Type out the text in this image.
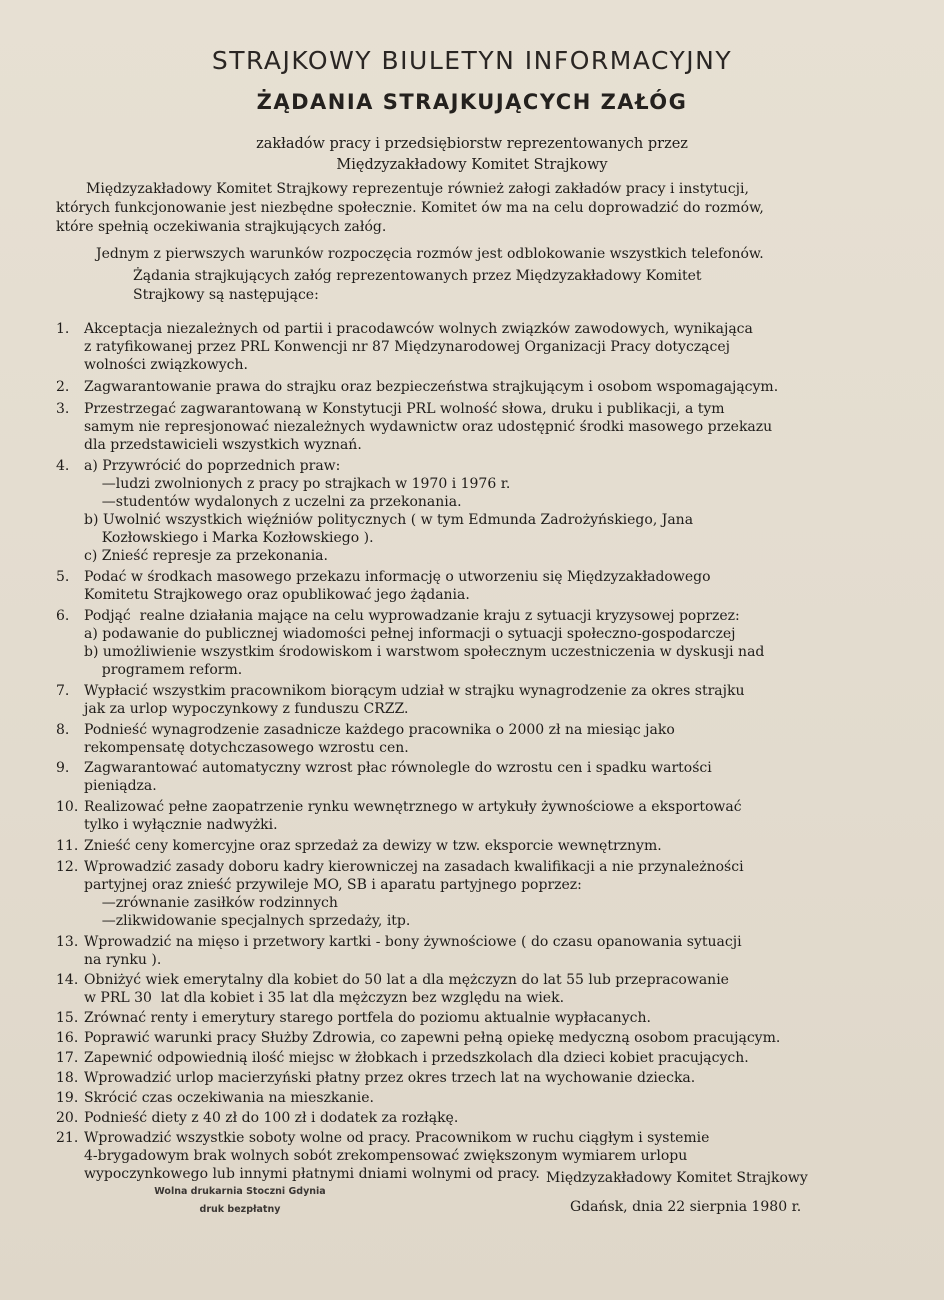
STRAJKOWY BIULETYN INFORMACYJNY
ŻĄDANIA STRAJKUJĄCYCH ZAŁÓG
zakładów pracy i przedsiębiorstw reprezentowanych przez
Międzyzakładowy Komitet Strajkowy
Międzyzakładowy Komitet Strajkowy reprezentuje również załogi zakładów pracy i instytucji,
których funkcjonowanie jest niezbędne społecznie. Komitet ów ma na celu doprowadzić do rozmów,
które spełnią oczekiwania strajkujących załóg.
Jednym z pierwszych warunków rozpoczęcia rozmów jest odblokowanie wszystkich telefonów.
Żądania strajkujących załóg reprezentowanych przez Międzyzakładowy Komitet
Strajkowy są następujące:
1.	Akceptacja niezależnych od partii i pracodawców wolnych związków zawodowych, wynikająca
z ratyfikowanej przez PRL Konwencji nr 87 Międzynarodowej Organizacji Pracy dotyczącej
wolności związkowych.
2.	Zagwarantowanie prawa do strajku oraz bezpieczeństwa strajkującym i osobom wspomagającym.
3.	Przestrzegać zagwarantowaną w Konstytucji PRL wolność słowa, druku i publikacji, a tym
samym nie represjonować niezależnych wydawnictw oraz udostępnić środki masowego przekazu
dla przedstawicieli wszystkich wyznań.
4.	a) Przywrócić do poprzednich praw:
—ludzi zwolnionych z pracy po strajkach w 1970 i 1976 r.
—studentów wydalonych z uczelni za przekonania.
b) Uwolnić wszystkich więźniów politycznych ( w tym Edmunda Zadrożyńskiego, Jana
Kozłowskiego i Marka Kozłowskiego ).
c) Znieść represje za przekonania.
5.	Podać w środkach masowego przekazu informację o utworzeniu się Międzyzakładowego
Komitetu Strajkowego oraz opublikować jego żądania.
6.	Podjąć  realne działania mające na celu wyprowadzanie kraju z sytuacji kryzysowej poprzez:
a) podawanie do publicznej wiadomości pełnej informacji o sytuacji społeczno-gospodarczej
b) umożliwienie wszystkim środowiskom i warstwom społecznym uczestniczenia w dyskusji nad
programem reform.
7.	Wypłacić wszystkim pracownikom biorącym udział w strajku wynagrodzenie za okres strajku
jak za urlop wypoczynkowy z funduszu CRZZ.
8.	Podnieść wynagrodzenie zasadnicze każdego pracownika o 2000 zł na miesiąc jako
rekompensatę dotychczasowego wzrostu cen.
9.	Zagwarantować automatyczny wzrost płac równolegle do wzrostu cen i spadku wartości
pieniądza.
10. Realizować pełne zaopatrzenie rynku wewnętrznego w artykuły żywnościowe a eksportować
tylko i wyłącznie nadwyżki.
11. Znieść ceny komercyjne oraz sprzedaż za dewizy w tzw. eksporcie wewnętrznym.
12. Wprowadzić zasady doboru kadry kierowniczej na zasadach kwalifikacji a nie przynależności
partyjnej oraz znieść przywileje MO, SB i aparatu partyjnego poprzez:
—zrównanie zasiłków rodzinnych
—zlikwidowanie specjalnych sprzedaży, itp.
13. Wprowadzić na mięso i przetwory kartki - bony żywnościowe ( do czasu opanowania sytuacji
na rynku ).
14. Obniżyć wiek emerytalny dla kobiet do 50 lat a dla mężczyzn do lat 55 lub przepracowanie
w PRL 30  lat dla kobiet i 35 lat dla mężczyzn bez względu na wiek.
15. Zrównać renty i emerytury starego portfela do poziomu aktualnie wypłacanych.
16. Poprawić warunki pracy Służby Zdrowia, co zapewni pełną opiekę medyczną osobom pracującym.
17. Zapewnić odpowiednią ilość miejsc w żłobkach i przedszkolach dla dzieci kobiet pracujących.
18. Wprowadzić urlop macierzyński płatny przez okres trzech lat na wychowanie dziecka.
19. Skrócić czas oczekiwania na mieszkanie.
20. Podnieść diety z 40 zł do 100 zł i dodatek za rozłąkę.
21. Wprowadzić wszystkie soboty wolne od pracy. Pracownikom w ruchu ciągłym i systemie
4-brygadowym brak wolnych sobót zrekompensować zwiększonym wymiarem urlopu
wypoczynkowego lub innymi płatnymi dniami wolnymi od pracy. Międzyzakładowy Komitet Strajkowy
Gdańsk, dnia 22 sierpnia 1980 r.
Wolna drukarnia Stoczni Gdynia
druk bezpłatny
